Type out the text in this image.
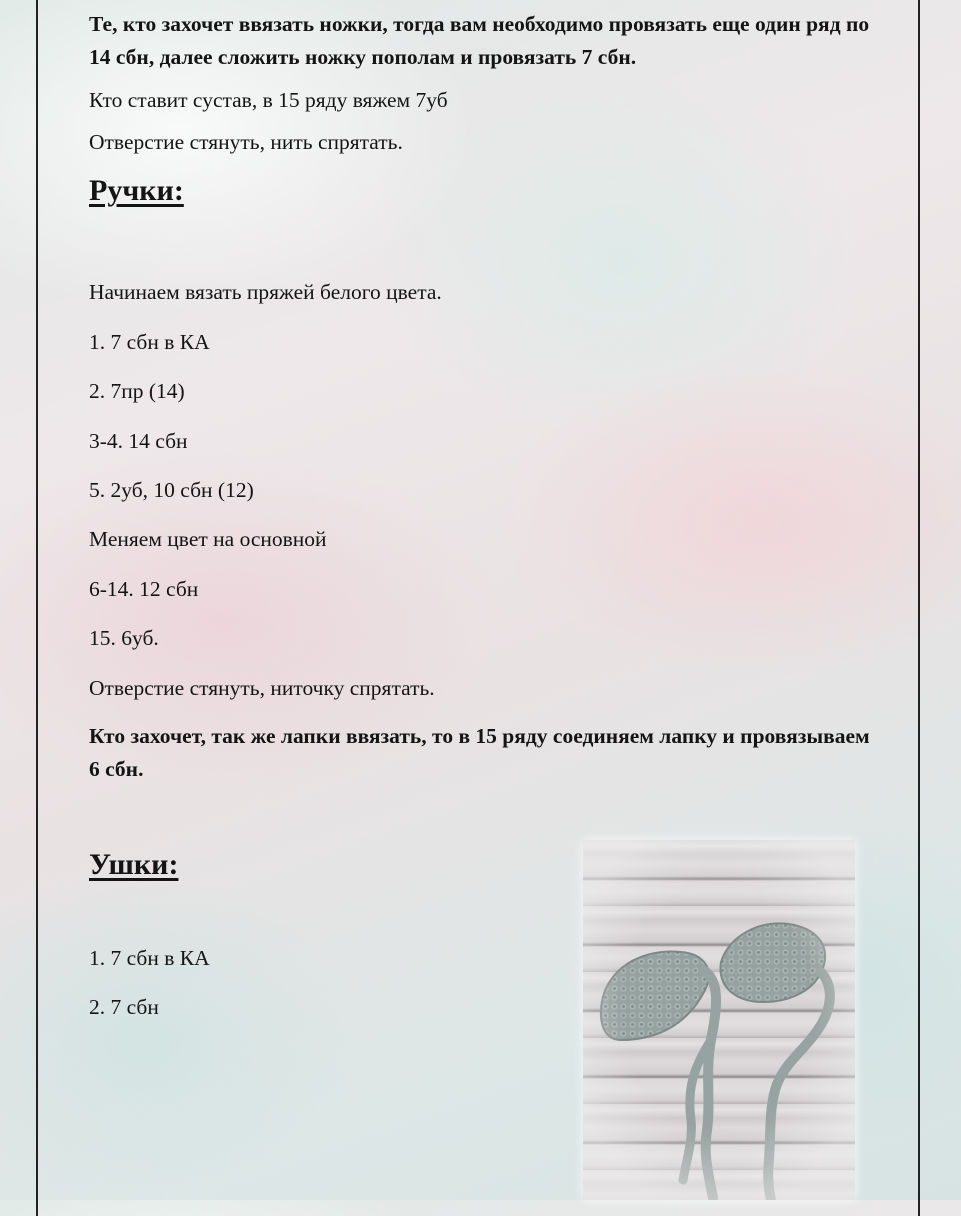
Те, кто захочет ввязать ножки, тогда вам необходимо провязать еще один ряд по 14 сбн, далее сложить ножку пополам и провязать 7 сбн.

Кто ставит сустав, в 15 ряду вяжем 7уб

Отверстие стянуть, нить спрятать.

Ручки:

Начинаем вязать пряжей белого цвета.

1. 7 сбн в КА

2. 7пр (14)

3-4. 14 сбн

5. 2уб, 10 сбн (12)

Меняем цвет на основной

6-14. 12 сбн

15. 6уб.

Отверстие стянуть, ниточку спрятать.

Кто захочет, так же лапки ввязать, то в 15 ряду соединяем лапку и провязываем 6 сбн.

Ушки:

1. 7 сбн в КА

2. 7 сбн
